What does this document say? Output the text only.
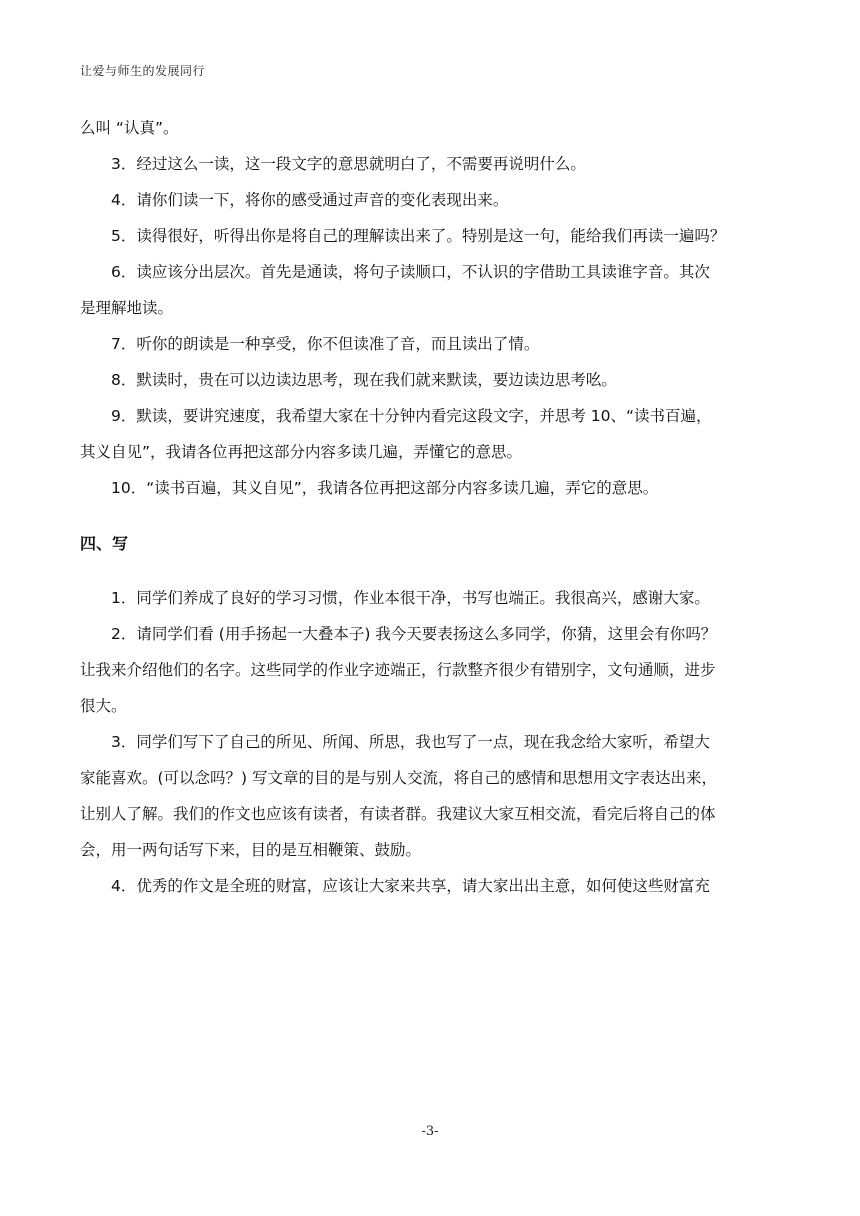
让爱与师生的发展同行
么叫 “认真”。
3．经过这么一读，这一段文字的意思就明白了，不需要再说明什么。
4．请你们读一下，将你的感受通过声音的变化表现出来。
5．读得很好，听得出你是将自己的理解读出来了。特别是这一句，能给我们再读一遍吗？
6．读应该分出层次。首先是通读，将句子读顺口，不认识的字借助工具读谁字音。其次
是理解地读。
7．听你的朗读是一种享受，你不但读准了音，而且读出了情。
8．默读时，贵在可以边读边思考，现在我们就来默读，要边读边思考吆。
9．默读，要讲究速度，我希望大家在十分钟内看完这段文字，并思考 10、“读书百遍，
其义自见”，我请各位再把这部分内容多读几遍，弄懂它的意思。
10．“读书百遍，其义自见”，我请各位再把这部分内容多读几遍，弄它的意思。
四、写
1．同学们养成了良好的学习习惯，作业本很干净，书写也端正。我很高兴，感谢大家。
2．请同学们看 (用手扬起一大叠本子) 我今天要表扬这么多同学，你猜，这里会有你吗？
让我来介绍他们的名字。这些同学的作业字迹端正，行款整齐很少有错别字，文句通顺，进步
很大。
3．同学们写下了自己的所见、所闻、所思，我也写了一点，现在我念给大家听，希望大
家能喜欢。(可以念吗？) 写文章的目的是与别人交流，将自己的感情和思想用文字表达出来，
让别人了解。我们的作文也应该有读者，有读者群。我建议大家互相交流，看完后将自己的体
会，用一两句话写下来，目的是互相鞭策、鼓励。
4．优秀的作文是全班的财富，应该让大家来共享，请大家出出主意，如何使这些财富充
-3-
